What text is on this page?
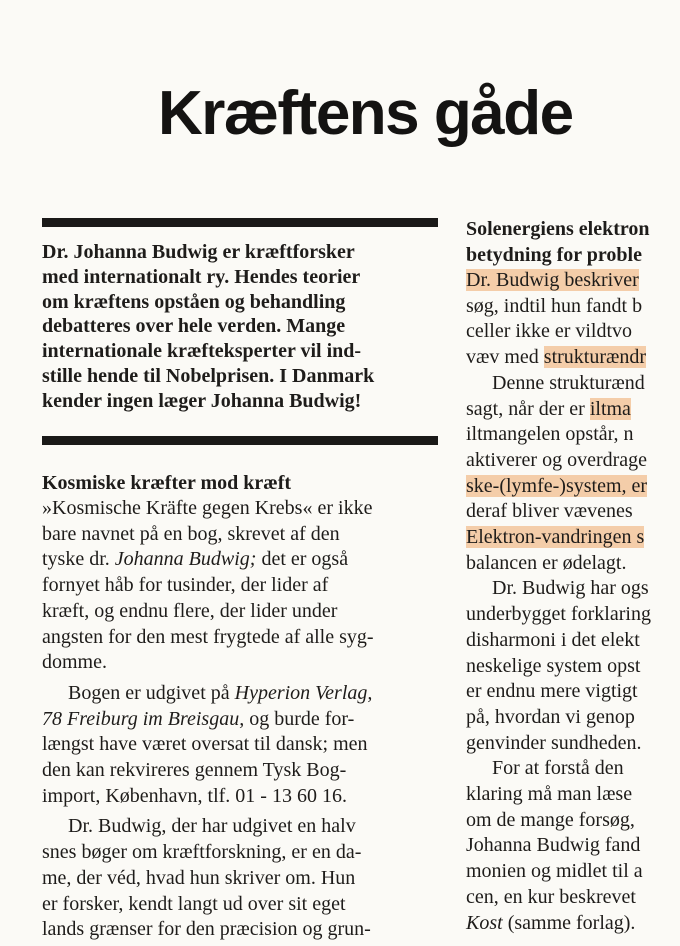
Kræftens gåde
Dr. Johanna Budwig er kræftforsker
med internationalt ry. Hendes teorier
om kræftens opståen og behandling
debatteres over hele verden. Mange
internationale kræfteksperter vil ind-
stille hende til Nobelprisen. I Danmark
kender ingen læger Johanna Budwig!
Kosmiske kræfter mod kræft
»Kosmische Kräfte gegen Krebs« er ikke
bare navnet på en bog, skrevet af den
tyske dr. Johanna Budwig; det er også
fornyet håb for tusinder, der lider af
kræft, og endnu flere, der lider under
angsten for den mest frygtede af alle syg-
domme.
Bogen er udgivet på Hyperion Verlag,
78 Freiburg im Breisgau, og burde for-
længst have været oversat til dansk; men
den kan rekvireres gennem Tysk Bog-
import, København, tlf. 01 - 13 60 16.
Dr. Budwig, der har udgivet en halv
snes bøger om kræftforskning, er en da-
me, der véd, hvad hun skriver om. Hun
er forsker, kendt langt ud over sit eget
lands grænser for den præcision og grun-
Solenergiens elektron
betydning for proble
Dr. Budwig beskriver
søg, indtil hun fandt b
celler ikke er vildtvo
væv med strukturændr
Denne strukturænd
sagt, når der er iltma
iltmangelen opstår, n
aktiverer og overdrage
ske-(lymfe-)system, er
deraf bliver vævenes
Elektron-vandringen s
balancen er ødelagt.
Dr. Budwig har ogs
underbygget forklaring
disharmoni i det elekt
neskelige system opst
er endnu mere vigtigt
på, hvordan vi genop
genvinder sundheden.
For at forstå den
klaring må man læse
om de mange forsøg,
Johanna Budwig fand
monien og midlet til a
cen, en kur beskrevet
Kost (samme forlag).
